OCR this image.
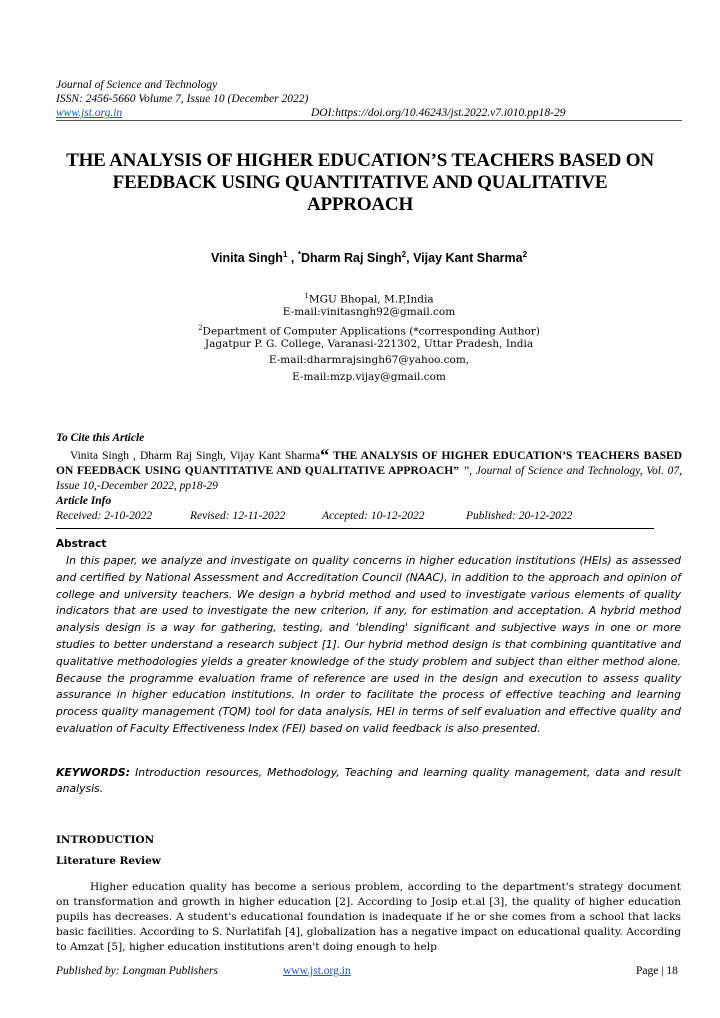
Journal of Science and Technology
ISSN: 2456-5660 Volume 7, Issue 10 (December 2022)
www.jst.org.in	DOI:https://doi.org/10.46243/jst.2022.v7.i010.pp18-29
THE ANALYSIS OF HIGHER EDUCATION’S TEACHERS BASED ON
FEEDBACK USING QUANTITATIVE AND QUALITATIVE
APPROACH
Vinita Singh$^1$ , *Dharm Raj Singh$^2$, Vijay Kant Sharma$^2$
$^1$MGU Bhopal, M.P,India
E-mail:vinitasngh92@gmail.com
$^2$Department of Computer Applications (*corresponding Author)
Jagatpur P. G. College, Varanasi-221302, Uttar Pradesh, India
E-mail:dharmrajsingh67@yahoo.com,
E-mail:mzp.vijay@gmail.com
To Cite this Article
Vinita Singh , Dharm Raj Singh, Vijay Kant Sharma“ THE ANALYSIS OF HIGHER EDUCATION’S TEACHERS BASED ON FEEDBACK USING QUANTITATIVE AND QUALITATIVE APPROACH” ”, Journal of Science and Technology, Vol. 07, Issue 10,-December 2022, pp18-29
Article Info
Received: 2-10-2022	Revised: 12-11-2022	Accepted: 10-12-2022	Published: 20-12-2022
Abstract
In this paper, we analyze and investigate on quality concerns in higher education institutions (HEIs) as assessed and certified by National Assessment and Accreditation Council (NAAC), in addition to the approach and opinion of college and university teachers. We design a hybrid method and used to investigate various elements of quality indicators that are used to investigate the new criterion, if any, for estimation and acceptation. A hybrid method analysis design is a way for gathering, testing, and ‘blending' significant and subjective ways in one or more studies to better understand a research subject [1]. Our hybrid method design is that combining quantitative and qualitative methodologies yields a greater knowledge of the study problem and subject than either method alone. Because the programme evaluation frame of reference are used in the design and execution to assess quality assurance in higher education institutions. In order to facilitate the process of effective teaching and learning process quality management (TQM) tool for data analysis, HEI in terms of self evaluation and effective quality and evaluation of Faculty Effectiveness Index (FEI) based on valid feedback is also presented.
KEYWORDS: Introduction resources, Methodology, Teaching and learning quality management, data and result analysis.
INTRODUCTION
Literature Review
Higher education quality has become a serious problem, according to the department's strategy document on transformation and growth in higher education [2]. According to Josip et.al [3], the quality of higher education pupils has decreases. A student's educational foundation is inadequate if he or she comes from a school that lacks basic facilities. According to S. Nurlatifah [4], globalization has a negative impact on educational quality. According to Amzat [5], higher education institutions aren't doing enough to help
Published by: Longman Publishers	www.jst.org.in	Page | 18
